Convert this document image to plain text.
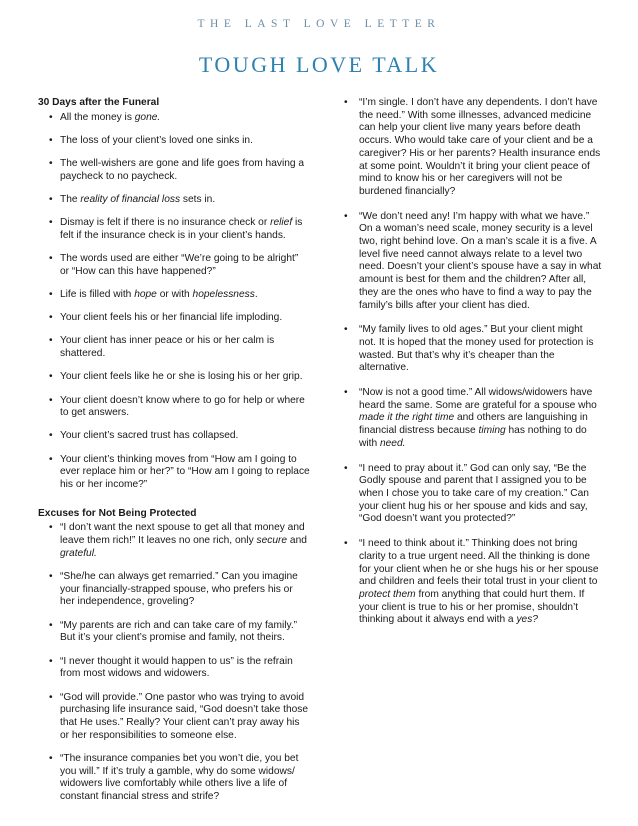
THE LAST LOVE LETTER
TOUGH LOVE TALK
30 Days after the Funeral
• All the money is gone.
• The loss of your client’s loved one sinks in.
• The well-wishers are gone and life goes from having a paycheck to no paycheck.
• The reality of financial loss sets in.
• Dismay is felt if there is no insurance check or relief is felt if the insurance check is in your client’s hands.
• The words used are either “We’re going to be alright” or “How can this have happened?”
• Life is filled with hope or with hopelessness.
• Your client feels his or her financial life imploding.
• Your client has inner peace or his or her calm is shattered.
• Your client feels like he or she is losing his or her grip.
• Your client doesn’t know where to go for help or where to get answers.
• Your client’s sacred trust has collapsed.
• Your client’s thinking moves from “How am I going to ever replace him or her?” to “How am I going to replace his or her income?”
Excuses for Not Being Protected
• “I don’t want the next spouse to get all that money and leave them rich!” It leaves no one rich, only secure and grateful.
• “She/he can always get remarried.” Can you imagine your financially-strapped spouse, who prefers his or her independence, groveling?
• “My parents are rich and can take care of my family.” But it’s your client’s promise and family, not theirs.
• “I never thought it would happen to us” is the refrain from most widows and widowers.
• “God will provide.” One pastor who was trying to avoid purchasing life insurance said, “God doesn’t take those that He uses.” Really? Your client can’t pray away his or her responsibilities to someone else.
• “The insurance companies bet you won’t die, you bet you will.” If it’s truly a gamble, why do some widows/ widowers live comfortably while others live a life of constant financial stress and strife?
• “I’m single. I don’t have any dependents. I don’t have the need.” With some illnesses, advanced medicine can help your client live many years before death occurs. Who would take care of your client and be a caregiver? His or her parents? Health insurance ends at some point. Wouldn’t it bring your client peace of mind to know his or her caregivers will not be burdened financially?
• “We don’t need any! I’m happy with what we have.” On a woman’s need scale, money security is a level two, right behind love. On a man’s scale it is a five. A level five need cannot always relate to a level two need. Doesn’t your client’s spouse have a say in what amount is best for them and the children? After all, they are the ones who have to find a way to pay the family’s bills after your client has died.
• “My family lives to old ages.” But your client might not. It is hoped that the money used for protection is wasted. But that’s why it’s cheaper than the alternative.
• “Now is not a good time.” All widows/widowers have heard the same. Some are grateful for a spouse who made it the right time and others are languishing in financial distress because timing has nothing to do with need.
• “I need to pray about it.” God can only say, “Be the Godly spouse and parent that I assigned you to be when I chose you to take care of my creation.” Can your client hug his or her spouse and kids and say, “God doesn’t want you protected?”
• “I need to think about it.” Thinking does not bring clarity to a true urgent need. All the thinking is done for your client when he or she hugs his or her spouse and children and feels their total trust in your client to protect them from anything that could hurt them. If your client is true to his or her promise, shouldn’t thinking about it always end with a yes?
